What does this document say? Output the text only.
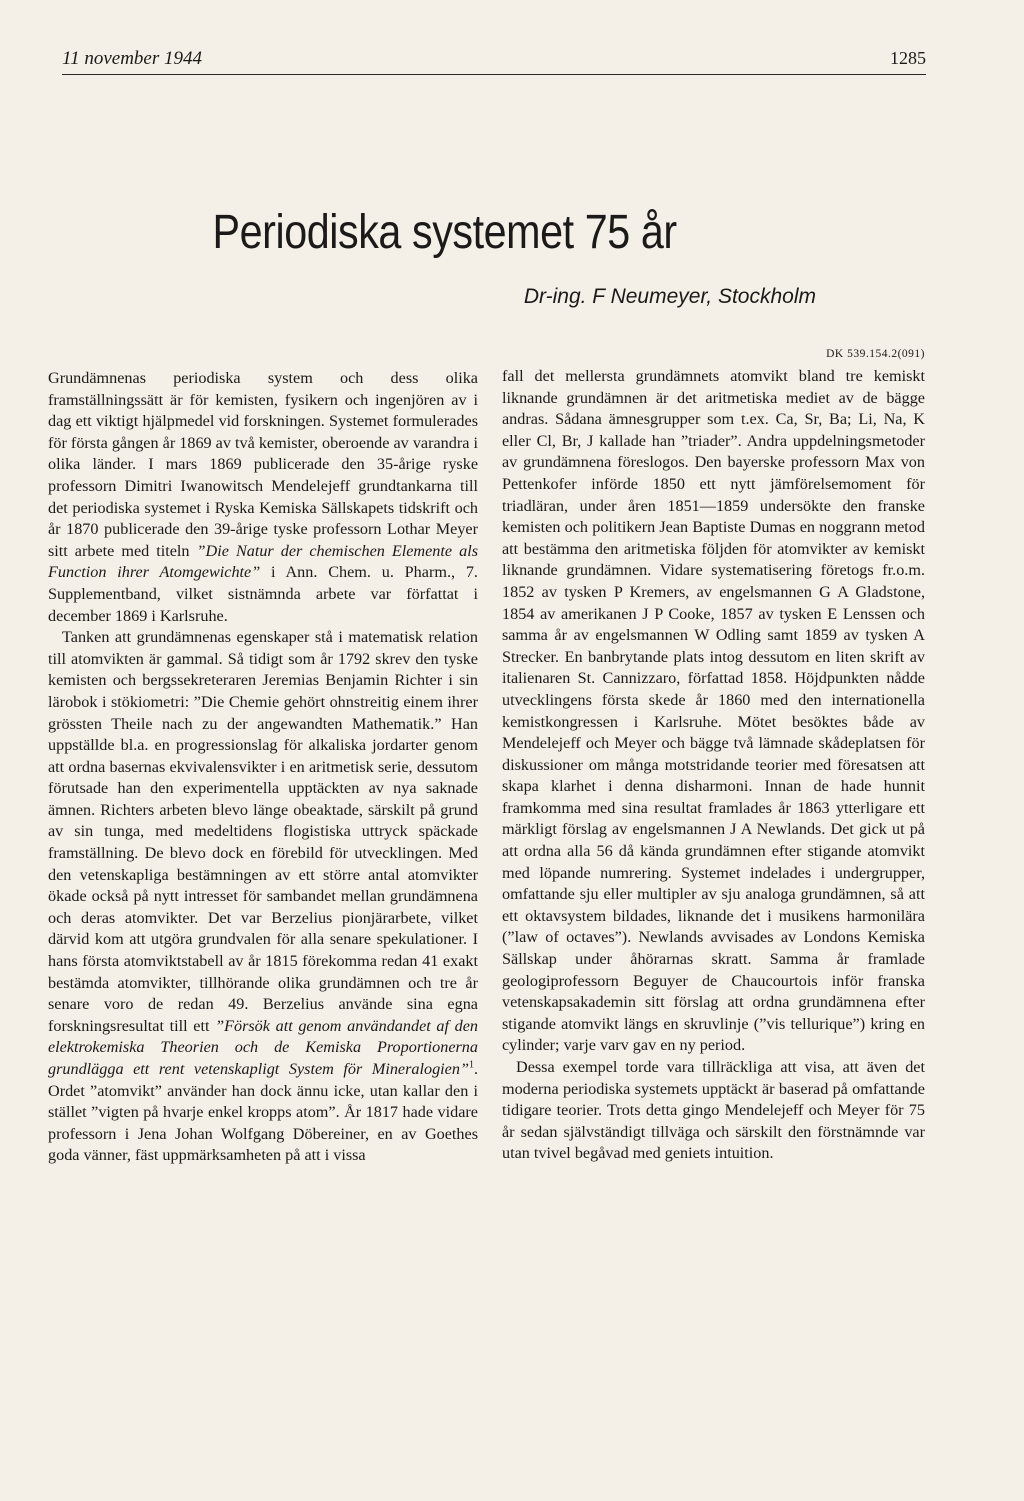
11 november 1944	1285
Periodiska systemet 75 år
Dr-ing. F Neumeyer, Stockholm

Grundämnenas periodiska system och dess olika framställningssätt är för kemisten, fysikern och ingenjören av i dag ett viktigt hjälpmedel vid forskningen. Systemet formulerades för första gången år 1869 av två kemister, oberoende av varandra i olika länder. I mars 1869 publicerade den 35-årige ryske professorn Dimitri Iwanowitsch Mendelejeff grundtankarna till det periodiska systemet i Ryska Kemiska Sällskapets tidskrift och år 1870 publicerade den 39-årige tyske professorn Lothar Meyer sitt arbete med titeln ”Die Natur der chemischen Elemente als Function ihrer Atomgewichte” i Ann. Chem. u. Pharm., 7. Supplementband, vilket sistnämnda arbete var författat i december 1869 i Karlsruhe.

Tanken att grundämnenas egenskaper stå i matematisk relation till atomvikten är gammal. Så tidigt som år 1792 skrev den tyske kemisten och bergssekreteraren Jeremias Benjamin Richter i sin lärobok i stökiometri: ”Die Chemie gehört ohnstreitig einem ihrer grössten Theile nach zu der angewandten Mathematik.” Han uppställde bl.a. en progressionslag för alkaliska jordarter genom att ordna basernas ekvivalensvikter i en aritmetisk serie, dessutom förutsade han den experimentella upptäckten av nya saknade ämnen. Richters arbeten blevo länge obeaktade, särskilt på grund av sin tunga, med medeltidens flogistiska uttryck späckade framställning. De blevo dock en förebild för utvecklingen. Med den vetenskapliga bestämningen av ett större antal atomvikter ökade också på nytt intresset för sambandet mellan grundämnena och deras atomvikter. Det var Berzelius pionjärarbete, vilket därvid kom att utgöra grundvalen för alla senare spekulationer. I hans första atomviktstabell av år 1815 förekomma redan 41 exakt bestämda atomvikter, tillhörande olika grundämnen och tre år senare voro de redan 49. Berzelius använde sina egna forskningsresultat till ett ”Försök att genom användandet af den elektrokemiska Theorien och de Kemiska Proportionerna grundlägga ett rent vetenskapligt System för Mineralogien”$^1$. Ordet ”atomvikt” använder han dock ännu icke, utan kallar den i stället ”vigten på hvarje enkel kropps atom”. År 1817 hade vidare professorn i Jena Johan Wolfgang Döbereiner, en av Goethes goda vänner, fäst uppmärksamheten på att i vissa

DK 539.154.2(091)

fall det mellersta grundämnets atomvikt bland tre kemiskt liknande grundämnen är det aritmetiska mediet av de bägge andras. Sådana ämnesgrupper som t.ex. Ca, Sr, Ba; Li, Na, K eller Cl, Br, J kallade han ”triader”. Andra uppdelningsmetoder av grundämnena föreslogos. Den bayerske professorn Max von Pettenkofer införde 1850 ett nytt jämförelsemoment för triadläran, under åren 1851—1859 undersökte den franske kemisten och politikern Jean Baptiste Dumas en noggrann metod att bestämma den aritmetiska följden för atomvikter av kemiskt liknande grundämnen. Vidare systematisering företogs fr.o.m. 1852 av tysken P Kremers, av engelsmannen G A Gladstone, 1854 av amerikanen J P Cooke, 1857 av tysken E Lenssen och samma år av engelsmannen W Odling samt 1859 av tysken A Strecker. En banbrytande plats intog dessutom en liten skrift av italienaren St. Cannizzaro, författad 1858. Höjdpunkten nådde utvecklingens första skede år 1860 med den internationella kemistkongressen i Karlsruhe. Mötet besöktes både av Mendelejeff och Meyer och bägge två lämnade skådeplatsen för diskussioner om många motstridande teorier med föresatsen att skapa klarhet i denna disharmoni. Innan de hade hunnit framkomma med sina resultat framlades år 1863 ytterligare ett märkligt förslag av engelsmannen J A Newlands. Det gick ut på att ordna alla 56 då kända grundämnen efter stigande atomvikt med löpande numrering. Systemet indelades i undergrupper, omfattande sju eller multipler av sju analoga grundämnen, så att ett oktavsystem bildades, liknande det i musikens harmonilära (”law of octaves”). Newlands avvisades av Londons Kemiska Sällskap under åhörarnas skratt. Samma år framlade geologiprofessorn Beguyer de Chaucourtois inför franska vetenskapsakademin sitt förslag att ordna grundämnena efter stigande atomvikt längs en skruvlinje (”vis tellurique”) kring en cylinder; varje varv gav en ny period.

Dessa exempel torde vara tillräckliga att visa, att även det moderna periodiska systemets upptäckt är baserad på omfattande tidigare teorier. Trots detta gingo Mendelejeff och Meyer för 75 år sedan självständigt tillväga och särskilt den förstnämnde var utan tvivel begåvad med geniets intuition.
